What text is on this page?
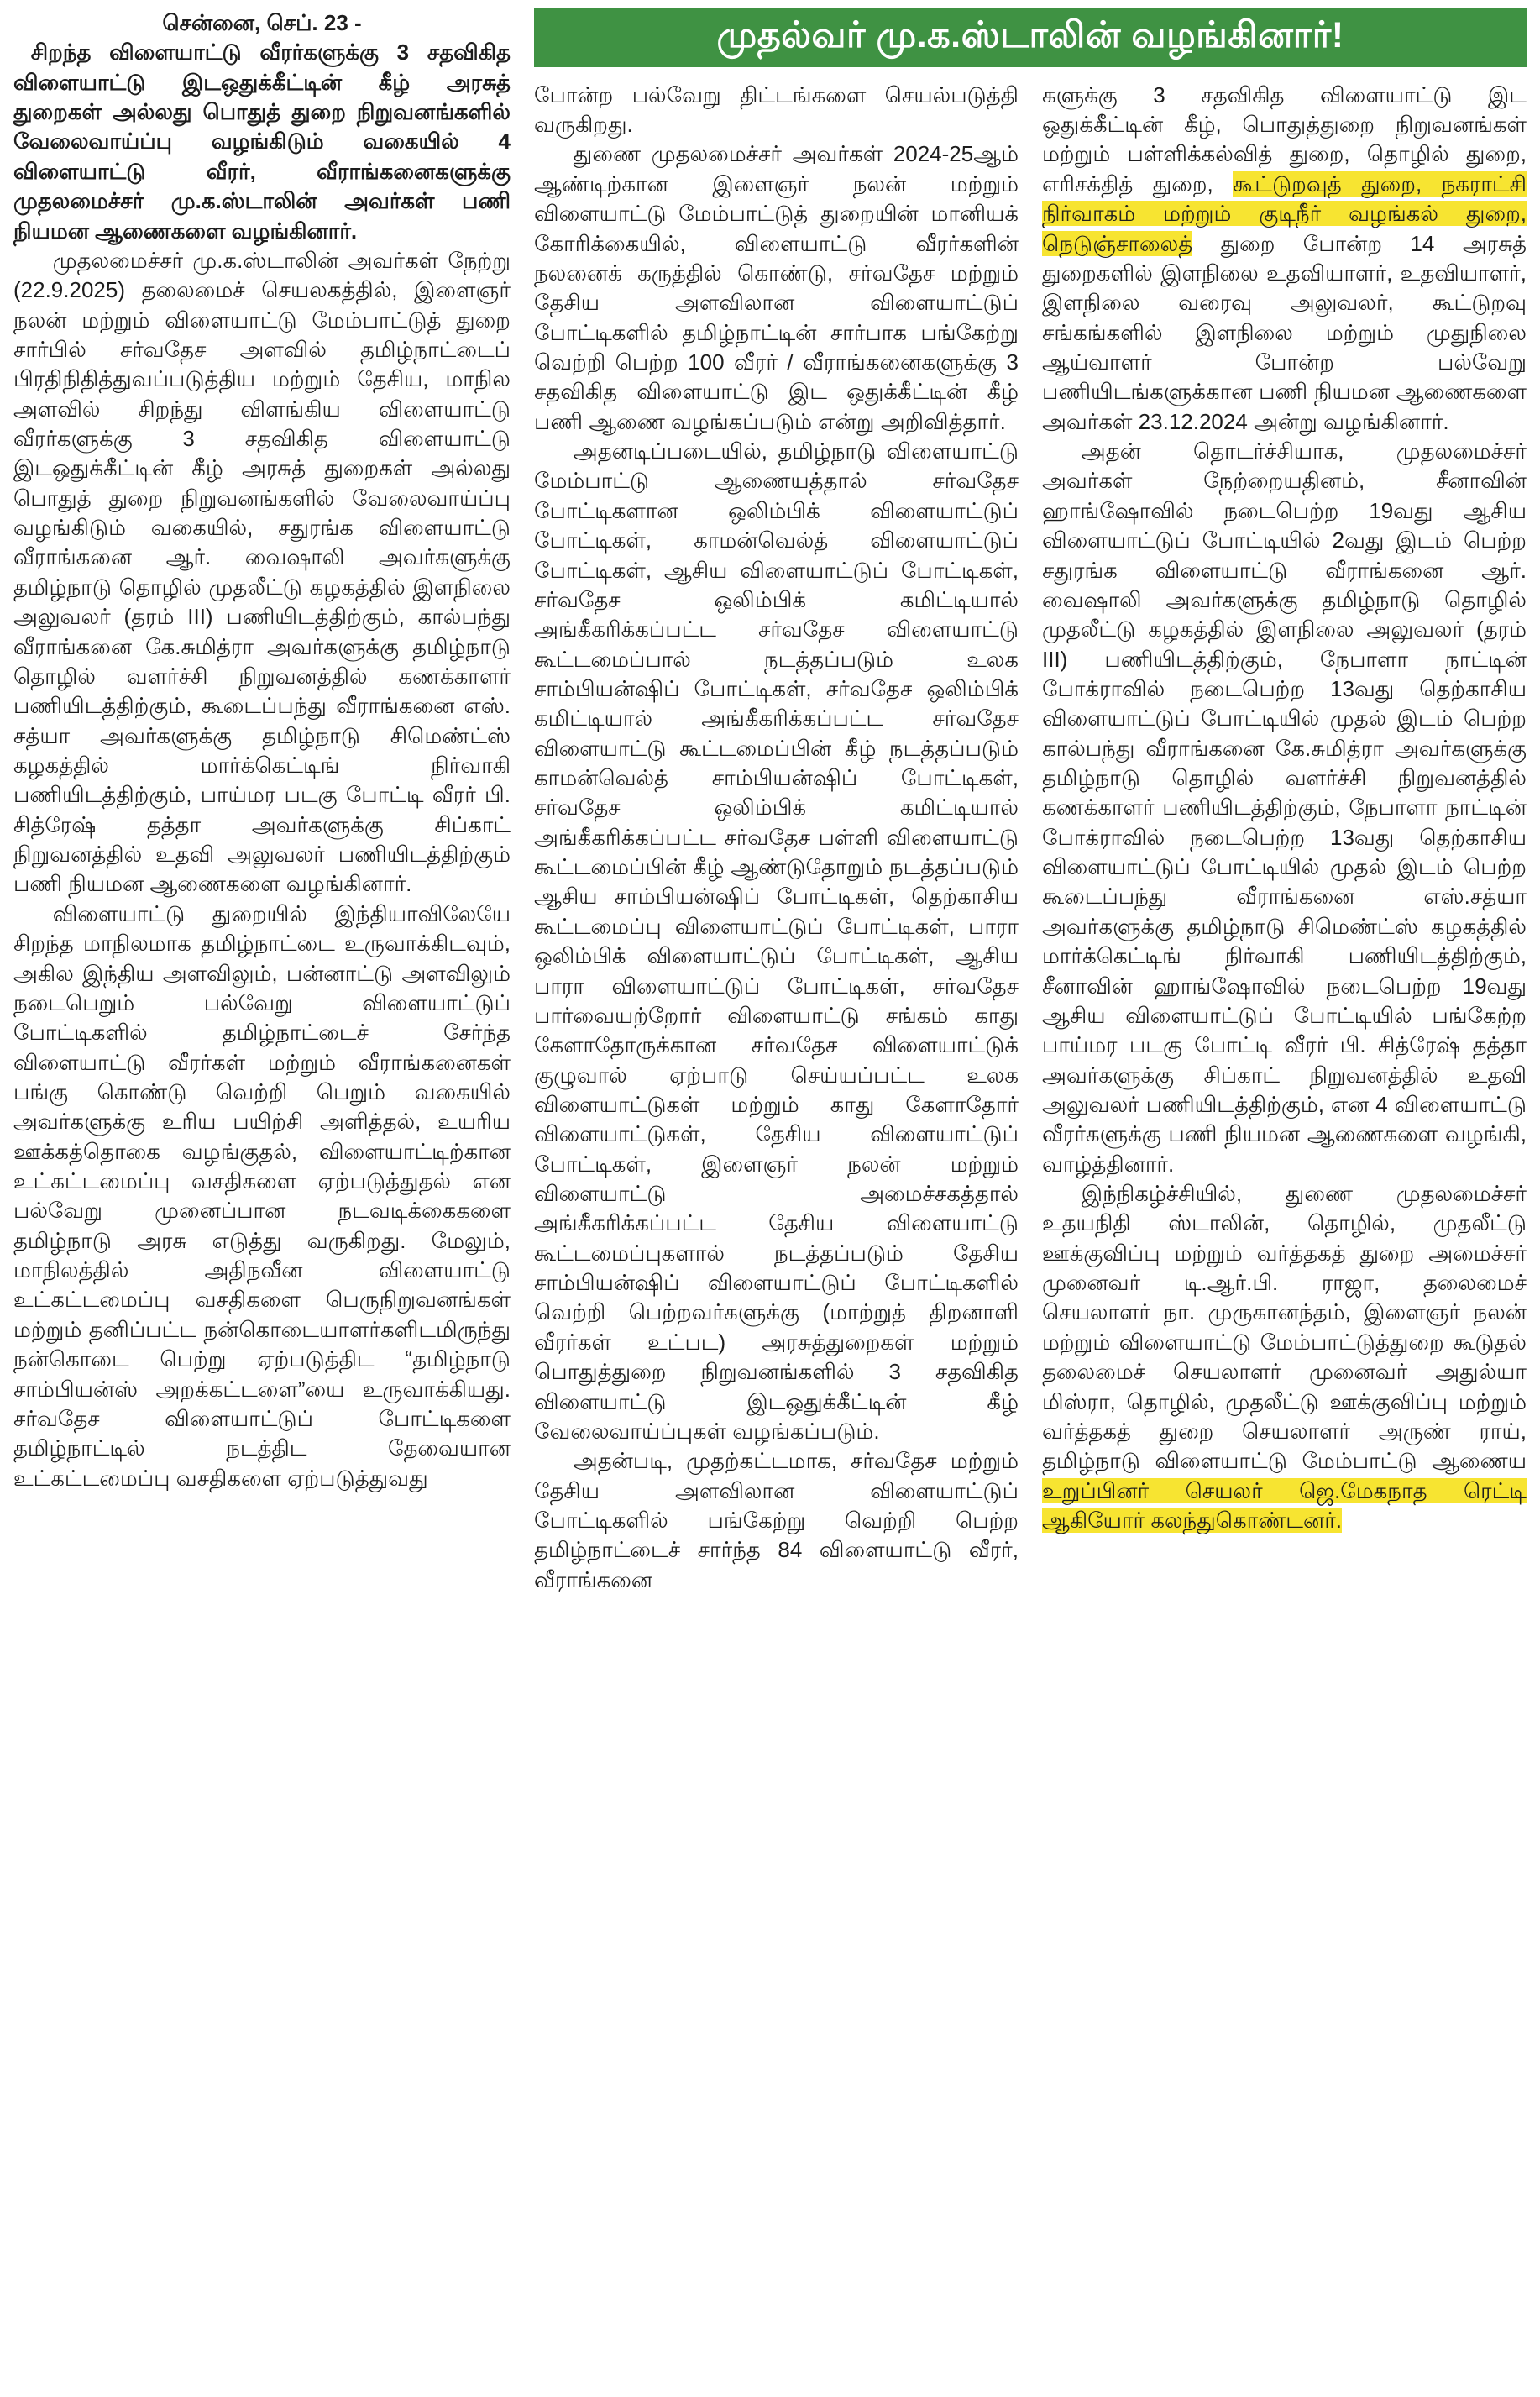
சென்னை, செப். 23 -

சிறந்த விளையாட்டு வீரர்களுக்கு 3 சதவிகித விளையாட்டு இடஒதுக்கீட்டின் கீழ் அரசுத் துறைகள் அல்லது பொதுத் துறை நிறுவனங்களில் வேலைவாய்ப்பு வழங்கிடும் வகையில் 4 விளையாட்டு வீரர், வீராங்கனைகளுக்கு முதலமைச்சர் மு.க.ஸ்டாலின் அவர்கள் பணி நியமன ஆணைகளை வழங்கினார்.

முதலமைச்சர் மு.க.ஸ்டாலின் அவர்கள் நேற்று (22.9.2025) தலைமைச் செயலகத்தில், இளைஞர் நலன் மற்றும் விளையாட்டு மேம்பாட்டுத் துறை சார்பில் சர்வதேச அளவில் தமிழ்நாட்டைப் பிரதிநிதித்துவப்படுத்திய மற்றும் தேசிய, மாநில அளவில் சிறந்து விளங்கிய விளையாட்டு வீரர்களுக்கு 3 சதவிகித விளையாட்டு இடஒதுக்கீட்டின் கீழ் அரசுத் துறைகள் அல்லது பொதுத் துறை நிறுவனங்களில் வேலைவாய்ப்பு வழங்கிடும் வகையில், சதுரங்க விளையாட்டு வீராங்கனை ஆர். வைஷாலி அவர்களுக்கு தமிழ்நாடு தொழில் முதலீட்டு கழகத்தில் இளநிலை அலுவலர் (தரம் III) பணியிடத்திற்கும், கால்பந்து வீராங்கனை கே.சுமித்ரா அவர்களுக்கு தமிழ்நாடு தொழில் வளர்ச்சி நிறுவனத்தில் கணக்காளர் பணியிடத்திற்கும், கூடைப்பந்து வீராங்கனை எஸ். சத்யா அவர்களுக்கு தமிழ்நாடு சிமெண்ட்ஸ் கழகத்தில் மார்க்கெட்டிங் நிர்வாகி பணியிடத்திற்கும், பாய்மர படகு போட்டி வீரர் பி. சித்ரேஷ் தத்தா அவர்களுக்கு சிப்காட் நிறுவனத்தில் உதவி அலுவலர் பணியிடத்திற்கும் பணி நியமன ஆணைகளை வழங்கினார்.

விளையாட்டு துறையில் இந்தியாவிலேயே சிறந்த மாநிலமாக தமிழ்நாட்டை உருவாக்கிடவும், அகில இந்திய அளவிலும், பன்னாட்டு அளவிலும் நடைபெறும் பல்வேறு விளையாட்டுப் போட்டிகளில் தமிழ்நாட்டைச் சேர்ந்த விளையாட்டு வீரர்கள் மற்றும் வீராங்கனைகள் பங்கு கொண்டு வெற்றி பெறும் வகையில் அவர்களுக்கு உரிய பயிற்சி அளித்தல், உயரிய ஊக்கத்தொகை வழங்குதல், விளையாட்டிற்கான உட்கட்டமைப்பு வசதிகளை ஏற்படுத்துதல் என பல்வேறு முனைப்பான நடவடிக்கைகளை தமிழ்நாடு அரசு எடுத்து வருகிறது. மேலும், மாநிலத்தில் அதிநவீன விளையாட்டு உட்கட்டமைப்பு வசதிகளை பெருநிறுவனங்கள் மற்றும் தனிப்பட்ட நன்கொடையாளர்களிடமிருந்து நன்கொடை பெற்று ஏற்படுத்திட “தமிழ்நாடு சாம்பியன்ஸ் அறக்கட்டளை”யை உருவாக்கியது. சர்வதேச விளையாட்டுப் போட்டிகளை தமிழ்நாட்டில் நடத்திட தேவையான உட்கட்டமைப்பு வசதிகளை ஏற்படுத்துவது

முதல்வர் மு.க.ஸ்டாலின் வழங்கினார்!

போன்ற பல்வேறு திட்டங்களை செயல்படுத்தி வருகிறது.

துணை முதலமைச்சர் அவர்கள் 2024-25ஆம் ஆண்டிற்கான இளைஞர் நலன் மற்றும் விளையாட்டு மேம்பாட்டுத் துறையின் மானியக் கோரிக்கையில், விளையாட்டு வீரர்களின் நலனைக் கருத்தில் கொண்டு, சர்வதேச மற்றும் தேசிய அளவிலான விளையாட்டுப் போட்டிகளில் தமிழ்நாட்டின் சார்பாக பங்கேற்று வெற்றி பெற்ற 100 வீரர் / வீராங்கனைகளுக்கு 3 சதவிகித விளையாட்டு இட ஒதுக்கீட்டின் கீழ் பணி ஆணை வழங்கப்படும் என்று அறிவித்தார்.

அதனடிப்படையில், தமிழ்நாடு விளையாட்டு மேம்பாட்டு ஆணையத்தால் சர்வதேச போட்டிகளான ஒலிம்பிக் விளையாட்டுப் போட்டிகள், காமன்வெல்த் விளையாட்டுப் போட்டிகள், ஆசிய விளையாட்டுப் போட்டிகள், சர்வதேச ஒலிம்பிக் கமிட்டியால் அங்கீகரிக்கப்பட்ட சர்வதேச விளையாட்டு கூட்டமைப்பால் நடத்தப்படும் உலக சாம்பியன்ஷிப் போட்டிகள், சர்வதேச ஒலிம்பிக் கமிட்டியால் அங்கீகரிக்கப்பட்ட சர்வதேச விளையாட்டு கூட்டமைப்பின் கீழ் நடத்தப்படும் காமன்வெல்த் சாம்பியன்ஷிப் போட்டிகள், சர்வதேச ஒலிம்பிக் கமிட்டியால் அங்கீகரிக்கப்பட்ட சர்வதேச பள்ளி விளையாட்டு கூட்டமைப்பின் கீழ் ஆண்டுதோறும் நடத்தப்படும் ஆசிய சாம்பியன்ஷிப் போட்டிகள், தெற்காசிய கூட்டமைப்பு விளையாட்டுப் போட்டிகள், பாரா ஒலிம்பிக் விளையாட்டுப் போட்டிகள், ஆசிய பாரா விளையாட்டுப் போட்டிகள், சர்வதேச பார்வையற்றோர் விளையாட்டு சங்கம் காது கேளாதோருக்கான சர்வதேச விளையாட்டுக் குழுவால் ஏற்பாடு செய்யப்பட்ட உலக விளையாட்டுகள் மற்றும் காது கேளாதோர் விளையாட்டுகள், தேசிய விளையாட்டுப் போட்டிகள், இளைஞர் நலன் மற்றும் விளையாட்டு அமைச்சகத்தால் அங்கீகரிக்கப்பட்ட தேசிய விளையாட்டு கூட்டமைப்புகளால் நடத்தப்படும் தேசிய சாம்பியன்ஷிப் விளையாட்டுப் போட்டிகளில் வெற்றி பெற்றவர்களுக்கு (மாற்றுத் திறனாளி வீரர்கள் உட்பட) அரசுத்துறைகள் மற்றும் பொதுத்துறை நிறுவனங்களில் 3 சதவிகித விளையாட்டு இடஒதுக்கீட்டின் கீழ் வேலைவாய்ப்புகள் வழங்கப்படும்.

அதன்படி, முதற்கட்டமாக, சர்வதேச மற்றும் தேசிய அளவிலான விளையாட்டுப் போட்டிகளில் பங்கேற்று வெற்றி பெற்ற தமிழ்நாட்டைச் சார்ந்த 84 விளையாட்டு வீரர், வீராங்கனை

களுக்கு 3 சதவிகித விளையாட்டு இட ஒதுக்கீட்டின் கீழ், பொதுத்துறை நிறுவனங்கள் மற்றும் பள்ளிக்கல்வித் துறை, தொழில் துறை, எரிசக்தித் துறை, கூட்டுறவுத் துறை, நகராட்சி நிர்வாகம் மற்றும் குடிநீர் வழங்கல் துறை, நெடுஞ்சாலைத் துறை போன்ற 14 அரசுத் துறைகளில் இளநிலை உதவியாளர், உதவியாளர், இளநிலை வரைவு அலுவலர், கூட்டுறவு சங்கங்களில் இளநிலை மற்றும் முதுநிலை ஆய்வாளர் போன்ற பல்வேறு பணியிடங்களுக்கான பணி நியமன ஆணைகளை அவர்கள் 23.12.2024 அன்று வழங்கினார்.

அதன் தொடர்ச்சியாக, முதலமைச்சர் அவர்கள் நேற்றையதினம், சீனாவின் ஹாங்ஷோவில் நடைபெற்ற 19வது ஆசிய விளையாட்டுப் போட்டியில் 2வது இடம் பெற்ற சதுரங்க விளையாட்டு வீராங்கனை ஆர். வைஷாலி அவர்களுக்கு தமிழ்நாடு தொழில் முதலீட்டு கழகத்தில் இளநிலை அலுவலர் (தரம் III) பணியிடத்திற்கும், நேபாளா நாட்டின் போக்ராவில் நடைபெற்ற 13வது தெற்காசிய விளையாட்டுப் போட்டியில் முதல் இடம் பெற்ற கால்பந்து வீராங்கனை கே.சுமித்ரா அவர்களுக்கு தமிழ்நாடு தொழில் வளர்ச்சி நிறுவனத்தில் கணக்காளர் பணியிடத்திற்கும், நேபாளா நாட்டின் போக்ராவில் நடைபெற்ற 13வது தெற்காசிய விளையாட்டுப் போட்டியில் முதல் இடம் பெற்ற கூடைப்பந்து வீராங்கனை எஸ்.சத்யா அவர்களுக்கு தமிழ்நாடு சிமெண்ட்ஸ் கழகத்தில் மார்க்கெட்டிங் நிர்வாகி பணியிடத்திற்கும், சீனாவின் ஹாங்ஷோவில் நடைபெற்ற 19வது ஆசிய விளையாட்டுப் போட்டியில் பங்கேற்ற பாய்மர படகு போட்டி வீரர் பி. சித்ரேஷ் தத்தா அவர்களுக்கு சிப்காட் நிறுவனத்தில் உதவி அலுவலர் பணியிடத்திற்கும், என 4 விளையாட்டு வீரர்களுக்கு பணி நியமன ஆணைகளை வழங்கி, வாழ்த்தினார்.

இந்நிகழ்ச்சியில், துணை முதலமைச்சர் உதயநிதி ஸ்டாலின், தொழில், முதலீட்டு ஊக்குவிப்பு மற்றும் வர்த்தகத் துறை அமைச்சர் முனைவர் டி.ஆர்.பி. ராஜா, தலைமைச் செயலாளர் நா. முருகானந்தம், இளைஞர் நலன் மற்றும் விளையாட்டு மேம்பாட்டுத்துறை கூடுதல் தலைமைச் செயலாளர் முனைவர் அதுல்யா மிஸ்ரா, தொழில், முதலீட்டு ஊக்குவிப்பு மற்றும் வர்த்தகத் துறை செயலாளர் அருண் ராய், தமிழ்நாடு விளையாட்டு மேம்பாட்டு ஆணைய உறுப்பினர் செயலர் ஜெ.மேகநாத ரெட்டி ஆகியோர் கலந்துகொண்டனர்.
